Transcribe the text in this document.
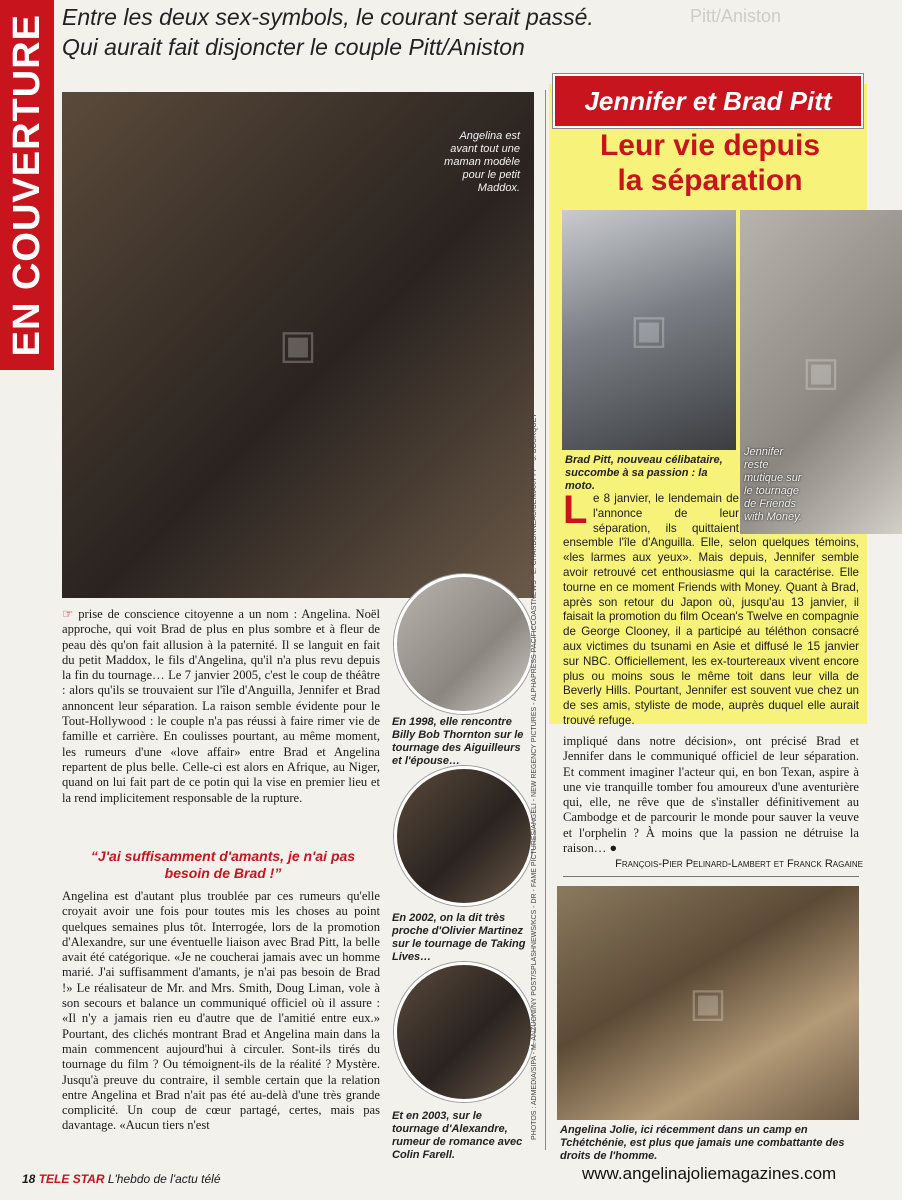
EN COUVERTURE Entre les deux sex-symbols, le courant serait passé.
Qui aurait fait disjoncter le couple Pitt/Aniston
Pitt/Aniston
▣
Angelina est avant tout une maman modèle pour le petit Maddox.

☞ prise de conscience citoyenne a un nom : Angelina. Noël approche, qui voit Brad de plus en plus sombre et à fleur de peau dès qu'on fait allusion à la paternité. Il se languit en fait du petit Maddox, le fils d'Angelina, qu'il n'a plus revu depuis la fin du tournage… Le 7 janvier 2005, c'est le coup de théâtre : alors qu'ils se trouvaient sur l'île d'Anguilla, Jennifer et Brad annoncent leur séparation. La raison semble évidente pour le Tout-Hollywood : le couple n'a pas réussi à faire rimer vie de famille et carrière. En coulisses pourtant, au même moment, les rumeurs d'une «love affair» entre Brad et Angelina repartent de plus belle. Celle-ci est alors en Afrique, au Niger, quand on lui fait part de ce potin qui la vise en premier lieu et la rend implicitement responsable de la rupture.

“J'ai suffisamment d'amants, je n'ai pas besoin de Brad !”

Angelina est d'autant plus troublée par ces rumeurs qu'elle croyait avoir une fois pour toutes mis les choses au point quelques semaines plus tôt. Interrogée, lors de la promotion d'Alexandre, sur une éventuelle liaison avec Brad Pitt, la belle avait été catégorique. «Je ne coucherai jamais avec un homme marié. J'ai suffisamment d'amants, je n'ai pas besoin de Brad !» Le réalisateur de Mr. and Mrs. Smith, Doug Liman, vole à son secours et balance un communiqué officiel où il assure : «Il n'y a jamais rien eu d'autre que de l'amitié entre eux.» Pourtant, des clichés montrant Brad et Angelina main dans la main commencent aujourd'hui à circuler. Sont-ils tirés du tournage du film ? Ou témoignent-ils de la réalité ? Mystère. Jusqu'à preuve du contraire, il semble certain que la relation entre Angelina et Brad n'ait pas été au-delà d'une très grande complicité. Un coup de cœur partagé, certes, mais pas davantage. «Aucun tiers n'est

En 1998, elle rencontre Billy Bob Thornton sur le tournage des Aiguilleurs et l'épouse…
En 2002, on la dit très proche d'Olivier Martinez sur le tournage de Taking Lives…
Et en 2003, sur le tournage d'Alexandre, rumeur de romance avec Colin Farell.
PHOTOS : ADMEDIA/SIPA - M. ANZUONI/NY POST/SPLASHNEWS/KCS - DR - FAME PICTURES/ANGELI - NEW REGENCY PICTURES - ALPHAPRESS PACIFICCOASTNEWS - E. CHARBONNEAU/BEIMAX/PPP - J. BOURQUET
Jennifer et Brad Pitt
Leur vie depuis
la séparation
▣
Brad Pitt, nouveau célibataire, succombe à sa passion : la moto.
▣
Jennifer reste mutique sur le tournage de Friends with Money.
L e 8 janvier, le lendemain de l'annonce de leur séparation, ils quittaient ensemble l'île d'Anguilla. Elle, selon quelques témoins, «les larmes aux yeux». Mais depuis, Jennifer semble avoir retrouvé cet enthousiasme qui la caractérise. Elle tourne en ce moment Friends with Money. Quant à Brad, après son retour du Japon où, jusqu'au 13 janvier, il faisait la promotion du film Ocean's Twelve en compagnie de George Clooney, il a participé au téléthon consacré aux victimes du tsunami en Asie et diffusé le 15 janvier sur NBC. Officiellement, les ex-tourtereaux vivent encore plus ou moins sous le même toit dans leur villa de Beverly Hills. Pourtant, Jennifer est souvent vue chez un de ses amis, styliste de mode, auprès duquel elle aurait trouvé refuge.

impliqué dans notre décision», ont précisé Brad et Jennifer dans le communiqué officiel de leur séparation. Et comment imaginer l'acteur qui, en bon Texan, aspire à une vie tranquille tomber fou amoureux d'une aventurière qui, elle, ne rêve que de s'installer définitivement au Cambodge et de parcourir le monde pour sauver la veuve et l'orphelin ? À moins que la passion ne détruise la raison… ●

François-Pier Pelinard-Lambert et Franck Ragaine
▣
Angelina Jolie, ici récemment dans un camp en Tchétchénie, est plus que jamais une combattante des droits de l'homme.
18 TELE STAR L'hebdo de l'actu télé	www.angelinajoliemagazines.com
